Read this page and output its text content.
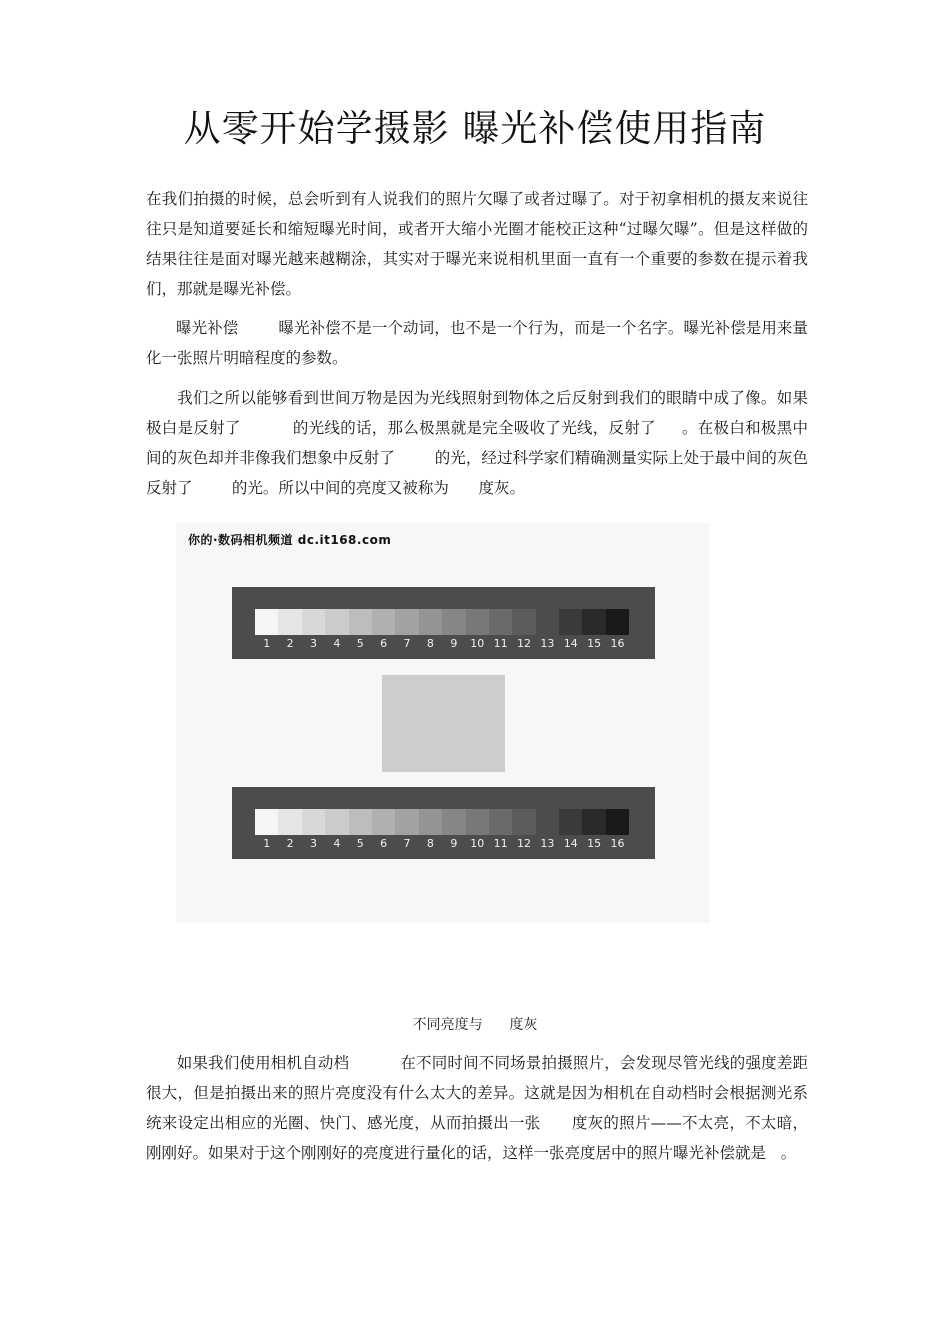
从零开始学摄影 曝光补偿使用指南

在我们拍摄的时候，总会听到有人说我们的照片欠曝了或者过曝了。对于初拿相机的摄友来说往往只是知道要延长和缩短曝光时间，或者开大缩小光圈才能校正这种“过曝欠曝”。但是这样做的结果往往是面对曝光越来越糊涂，其实对于曝光来说相机里面一直有一个重要的参数在提示着我们，那就是曝光补偿。

曝光补偿        曝光补偿不是一个动词，也不是一个行为，而是一个名字。曝光补偿是用来量化一张照片明暗程度的参数。

我们之所以能够看到世间万物是因为光线照射到物体之后反射到我们的眼睛中成了像。如果极白是反射了          的光线的话，那么极黑就是完全吸收了光线，反射了     。在极白和极黑中间的灰色却并非像我们想象中反射了        的光，经过科学家们精确测量实际上处于最中间的灰色反射了        的光。所以中间的亮度又被称为      度灰。

你的·数码相机频道 dc.it168.com
1	2	3	4	5	6	7	8	9	10 11 12 13 14 15 16
1	2	3	4	5	6	7	8	9	10 11 12 13 14 15 16
不同亮度与      度灰

如果我们使用相机自动档          在不同时间不同场景拍摄照片，会发现尽管光线的强度差距很大，但是拍摄出来的照片亮度没有什么太大的差异。这就是因为相机在自动档时会根据测光系统来设定出相应的光圈、快门、感光度，从而拍摄出一张      度灰的照片——不太亮，不太暗，刚刚好。如果对于这个刚刚好的亮度进行量化的话，这样一张亮度居中的照片曝光补偿就是   。
